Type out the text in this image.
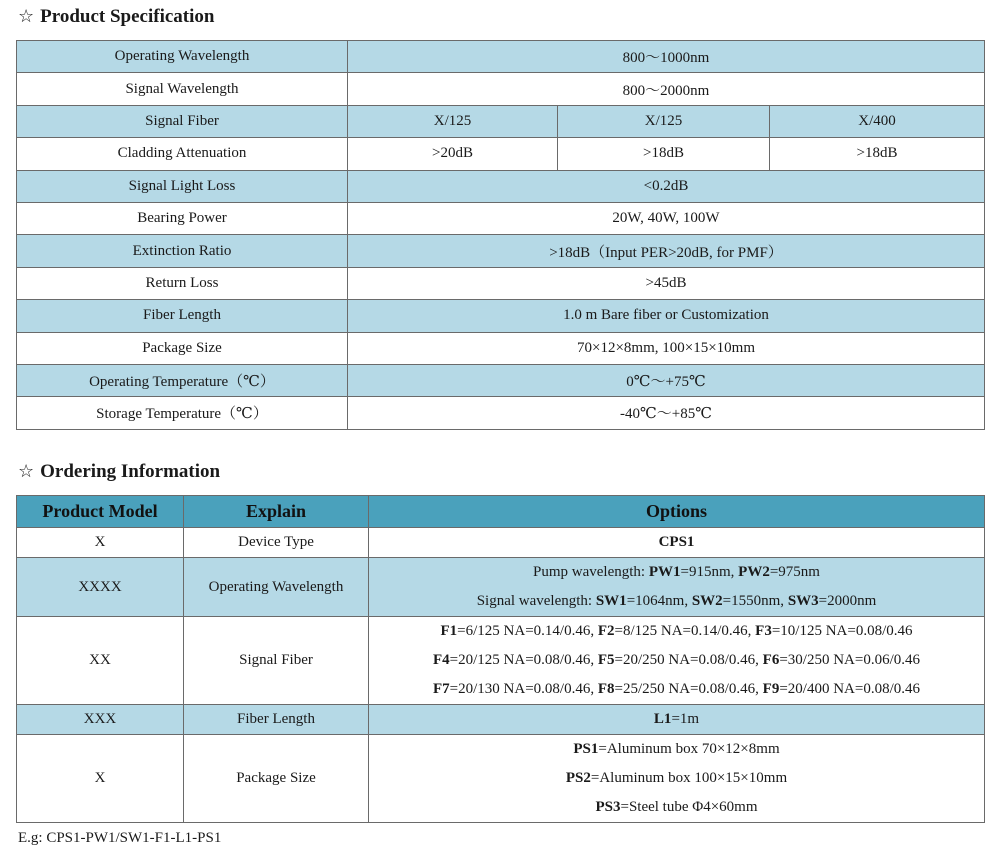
☆ Product Specification
Operating Wavelength	800～1000nm		
Signal Wavelength	800～2000nm		
Signal Fiber	X/125	X/125	X/400
Cladding Attenuation	>20dB	>18dB	>18dB
Signal Light Loss	<0.2dB		
Bearing Power	20W, 40W, 100W		
Extinction Ratio	>18dB（Input PER>20dB, for PMF）		
Return Loss	>45dB		
Fiber Length	1.0 m Bare fiber or Customization		
Package Size	70×12×8mm, 100×15×10mm		
Operating Temperature（℃）	0℃～+75℃		
Storage Temperature（℃）	-40℃～+85℃		
☆ Ordering Information
Product Model	Explain	Options
X	Device Type	CPS1

XXXX	Operating Wavelength	Pump wavelength: PW1=915nm, PW2=975nm
Signal wavelength: SW1=1064nm, SW2=1550nm, SW3=2000nm

XX	Signal Fiber	F1=6/125 NA=0.14/0.46, F2=8/125 NA=0.14/0.46, F3=10/125 NA=0.08/0.46
F4=20/125 NA=0.08/0.46, F5=20/250 NA=0.08/0.46, F6=30/250 NA=0.06/0.46
F7=20/130 NA=0.08/0.46, F8=25/250 NA=0.08/0.46, F9=20/400 NA=0.08/0.46

XXX	Fiber Length	L1=1m

X	Package Size	PS1=Aluminum box 70×12×8mm
PS2=Aluminum box 100×15×10mm
PS3=Steel tube Φ4×60mm
E.g: CPS1-PW1/SW1-F1-L1-PS1
